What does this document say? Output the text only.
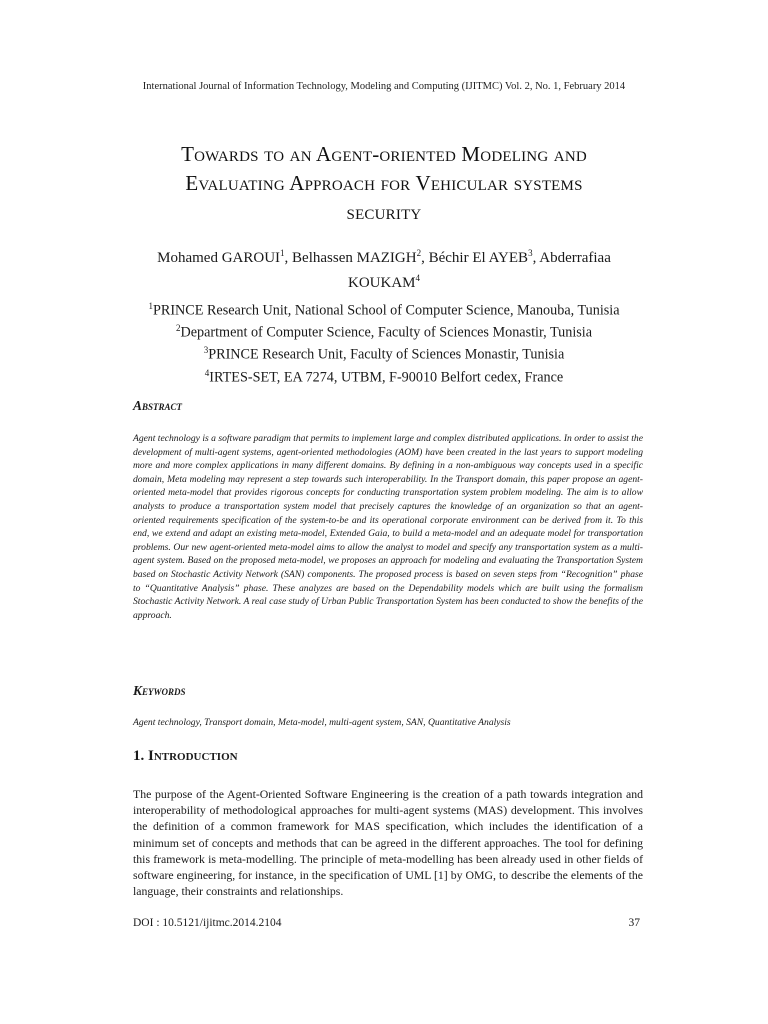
International Journal of Information Technology, Modeling and Computing (IJITMC) Vol. 2, No. 1, February 2014
Towards to an Agent-oriented Modeling and
Evaluating Approach for Vehicular systems
security
Mohamed GAROUI$^1$, Belhassen MAZIGH$^2$, Béchir El AYEB$^3$, Abderrafiaa
KOUKAM$^4$
$^1$PRINCE Research Unit, National School of Computer Science, Manouba, Tunisia
$^2$Department of Computer Science, Faculty of Sciences Monastir, Tunisia
$^3$PRINCE Research Unit, Faculty of Sciences Monastir, Tunisia
$^4$IRTES-SET, EA 7274, UTBM, F-90010 Belfort cedex, France
Abstract

Agent technology is a software paradigm that permits to implement large and complex distributed applications. In order to assist the development of multi-agent systems, agent-oriented methodologies (AOM) have been created in the last years to support modeling more and more complex applications in many different domains. By defining in a non-ambiguous way concepts used in a specific domain, Meta modeling may represent a step towards such interoperability. In the Transport domain, this paper propose an agent-oriented meta-model that provides rigorous concepts for conducting transportation system problem modeling. The aim is to allow analysts to produce a transportation system model that precisely captures the knowledge of an organization so that an agent-oriented requirements specification of the system-to-be and its operational corporate environment can be derived from it. To this end, we extend and adapt an existing meta-model, Extended Gaia, to build a meta-model and an adequate model for transportation problems. Our new agent-oriented meta-model aims to allow the analyst to model and specify any transportation system as a multi-agent system. Based on the proposed meta-model, we proposes an approach for modeling and evaluating the Transportation System based on Stochastic Activity Network (SAN) components. The proposed process is based on seven steps from “Recognition” phase to “Quantitative Analysis” phase. These analyzes are based on the Dependability models which are built using the formalism Stochastic Activity Network. A real case study of Urban Public Transportation System has been conducted to show the benefits of the approach.

Keywords
Agent technology, Transport domain, Meta-model, multi-agent system, SAN, Quantitative Analysis
1. Introduction

The purpose of the Agent-Oriented Software Engineering is the creation of a path towards integration and interoperability of methodological approaches for multi-agent systems (MAS) development. This involves the definition of a common framework for MAS specification, which includes the identification of a minimum set of concepts and methods that can be agreed in the different approaches. The tool for defining this framework is meta-modelling. The principle of meta-modelling has been already used in other fields of software engineering, for instance, in the specification of UML [1] by OMG, to describe the elements of the language, their constraints and relationships.

DOI : 10.5121/ijitmc.2014.2104	37
